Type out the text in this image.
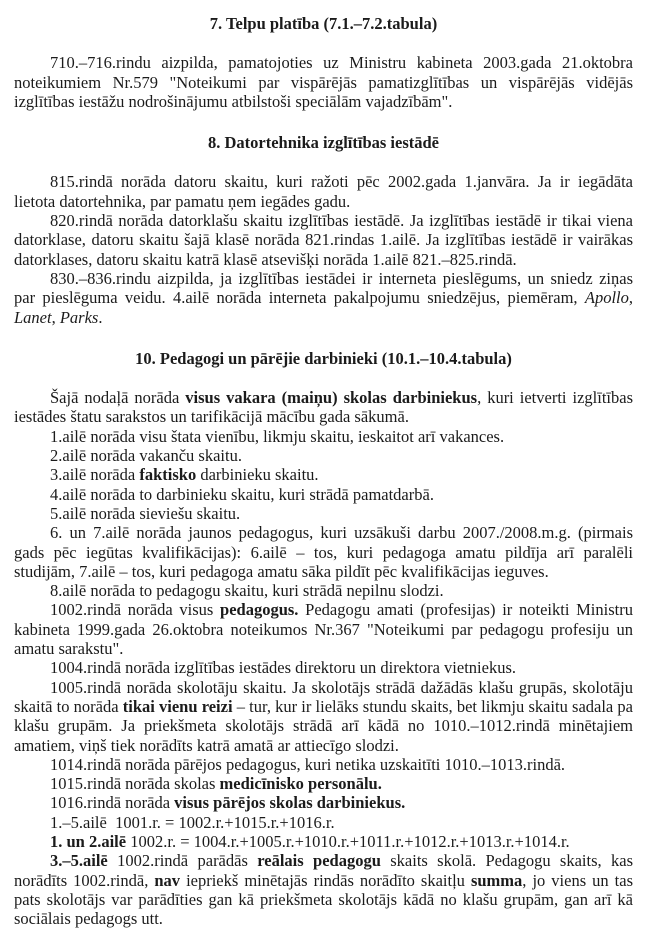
7. Telpu platība (7.1.–7.2.tabula)

710.–716.rindu aizpilda, pamatojoties uz Ministru kabineta 2003.gada 21.oktobra noteikumiem Nr.579 "Noteikumi par vispārējās pamatizglītības un vispārējās vidējās izglītības iestāžu nodrošinājumu atbilstoši speciālām vajadzībām".

8. Datortehnika izglītības iestādē

815.rindā norāda datoru skaitu, kuri ražoti pēc 2002.gada 1.janvāra. Ja ir iegādāta lietota datortehnika, par pamatu ņem iegādes gadu.

820.rindā norāda datorklašu skaitu izglītības iestādē. Ja izglītības iestādē ir tikai viena datorklase, datoru skaitu šajā klasē norāda 821.rindas 1.ailē. Ja izglītības iestādē ir vairākas datorklases, datoru skaitu katrā klasē atsevišķi norāda 1.ailē 821.–825.rindā.

830.–836.rindu aizpilda, ja izglītības iestādei ir interneta pieslēgums, un sniedz ziņas par pieslēguma veidu. 4.ailē norāda interneta pakalpojumu sniedzējus, piemēram, Apollo, Lanet, Parks.

10. Pedagogi un pārējie darbinieki (10.1.–10.4.tabula)

Šajā nodaļā norāda visus vakara (maiņu) skolas darbiniekus, kuri ietverti izglītības iestādes štatu sarakstos un tarifikācijā mācību gada sākumā.

1.ailē norāda visu štata vienību, likmju skaitu, ieskaitot arī vakances.

2.ailē norāda vakanču skaitu.

3.ailē norāda faktisko darbinieku skaitu.

4.ailē norāda to darbinieku skaitu, kuri strādā pamatdarbā.

5.ailē norāda sieviešu skaitu.

6. un 7.ailē norāda jaunos pedagogus, kuri uzsākuši darbu 2007./2008.m.g. (pirmais gads pēc iegūtas kvalifikācijas): 6.ailē – tos, kuri pedagoga amatu pildīja arī paralēli studijām, 7.ailē – tos, kuri pedagoga amatu sāka pildīt pēc kvalifikācijas ieguves.

8.ailē norāda to pedagogu skaitu, kuri strādā nepilnu slodzi.

1002.rindā norāda visus pedagogus. Pedagogu amati (profesijas) ir noteikti Ministru kabineta 1999.gada 26.oktobra noteikumos Nr.367 "Noteikumi par pedagogu profesiju un amatu sarakstu".

1004.rindā norāda izglītības iestādes direktoru un direktora vietniekus.

1005.rindā norāda skolotāju skaitu. Ja skolotājs strādā dažādās klašu grupās, skolotāju skaitā to norāda tikai vienu reizi – tur, kur ir lielāks stundu skaits, bet likmju skaitu sadala pa klašu grupām. Ja priekšmeta skolotājs strādā arī kādā no 1010.–1012.rindā minētajiem amatiem, viņš tiek norādīts katrā amatā ar attiecīgo slodzi.

1014.rindā norāda pārējos pedagogus, kuri netika uzskaitīti 1010.–1013.rindā.

1015.rindā norāda skolas medicīnisko personālu.

1016.rindā norāda visus pārējos skolas darbiniekus.

1.–5.ailē  1001.r. = 1002.r.+1015.r.+1016.r.

1. un 2.ailē 1002.r. = 1004.r.+1005.r.+1010.r.+1011.r.+1012.r.+1013.r.+1014.r.

3.–5.ailē 1002.rindā parādās reālais pedagogu skaits skolā. Pedagogu skaits, kas norādīts 1002.rindā, nav iepriekš minētajās rindās norādīto skaitļu summa, jo viens un tas pats skolotājs var parādīties gan kā priekšmeta skolotājs kādā no klašu grupām, gan arī kā sociālais pedagogs utt.
